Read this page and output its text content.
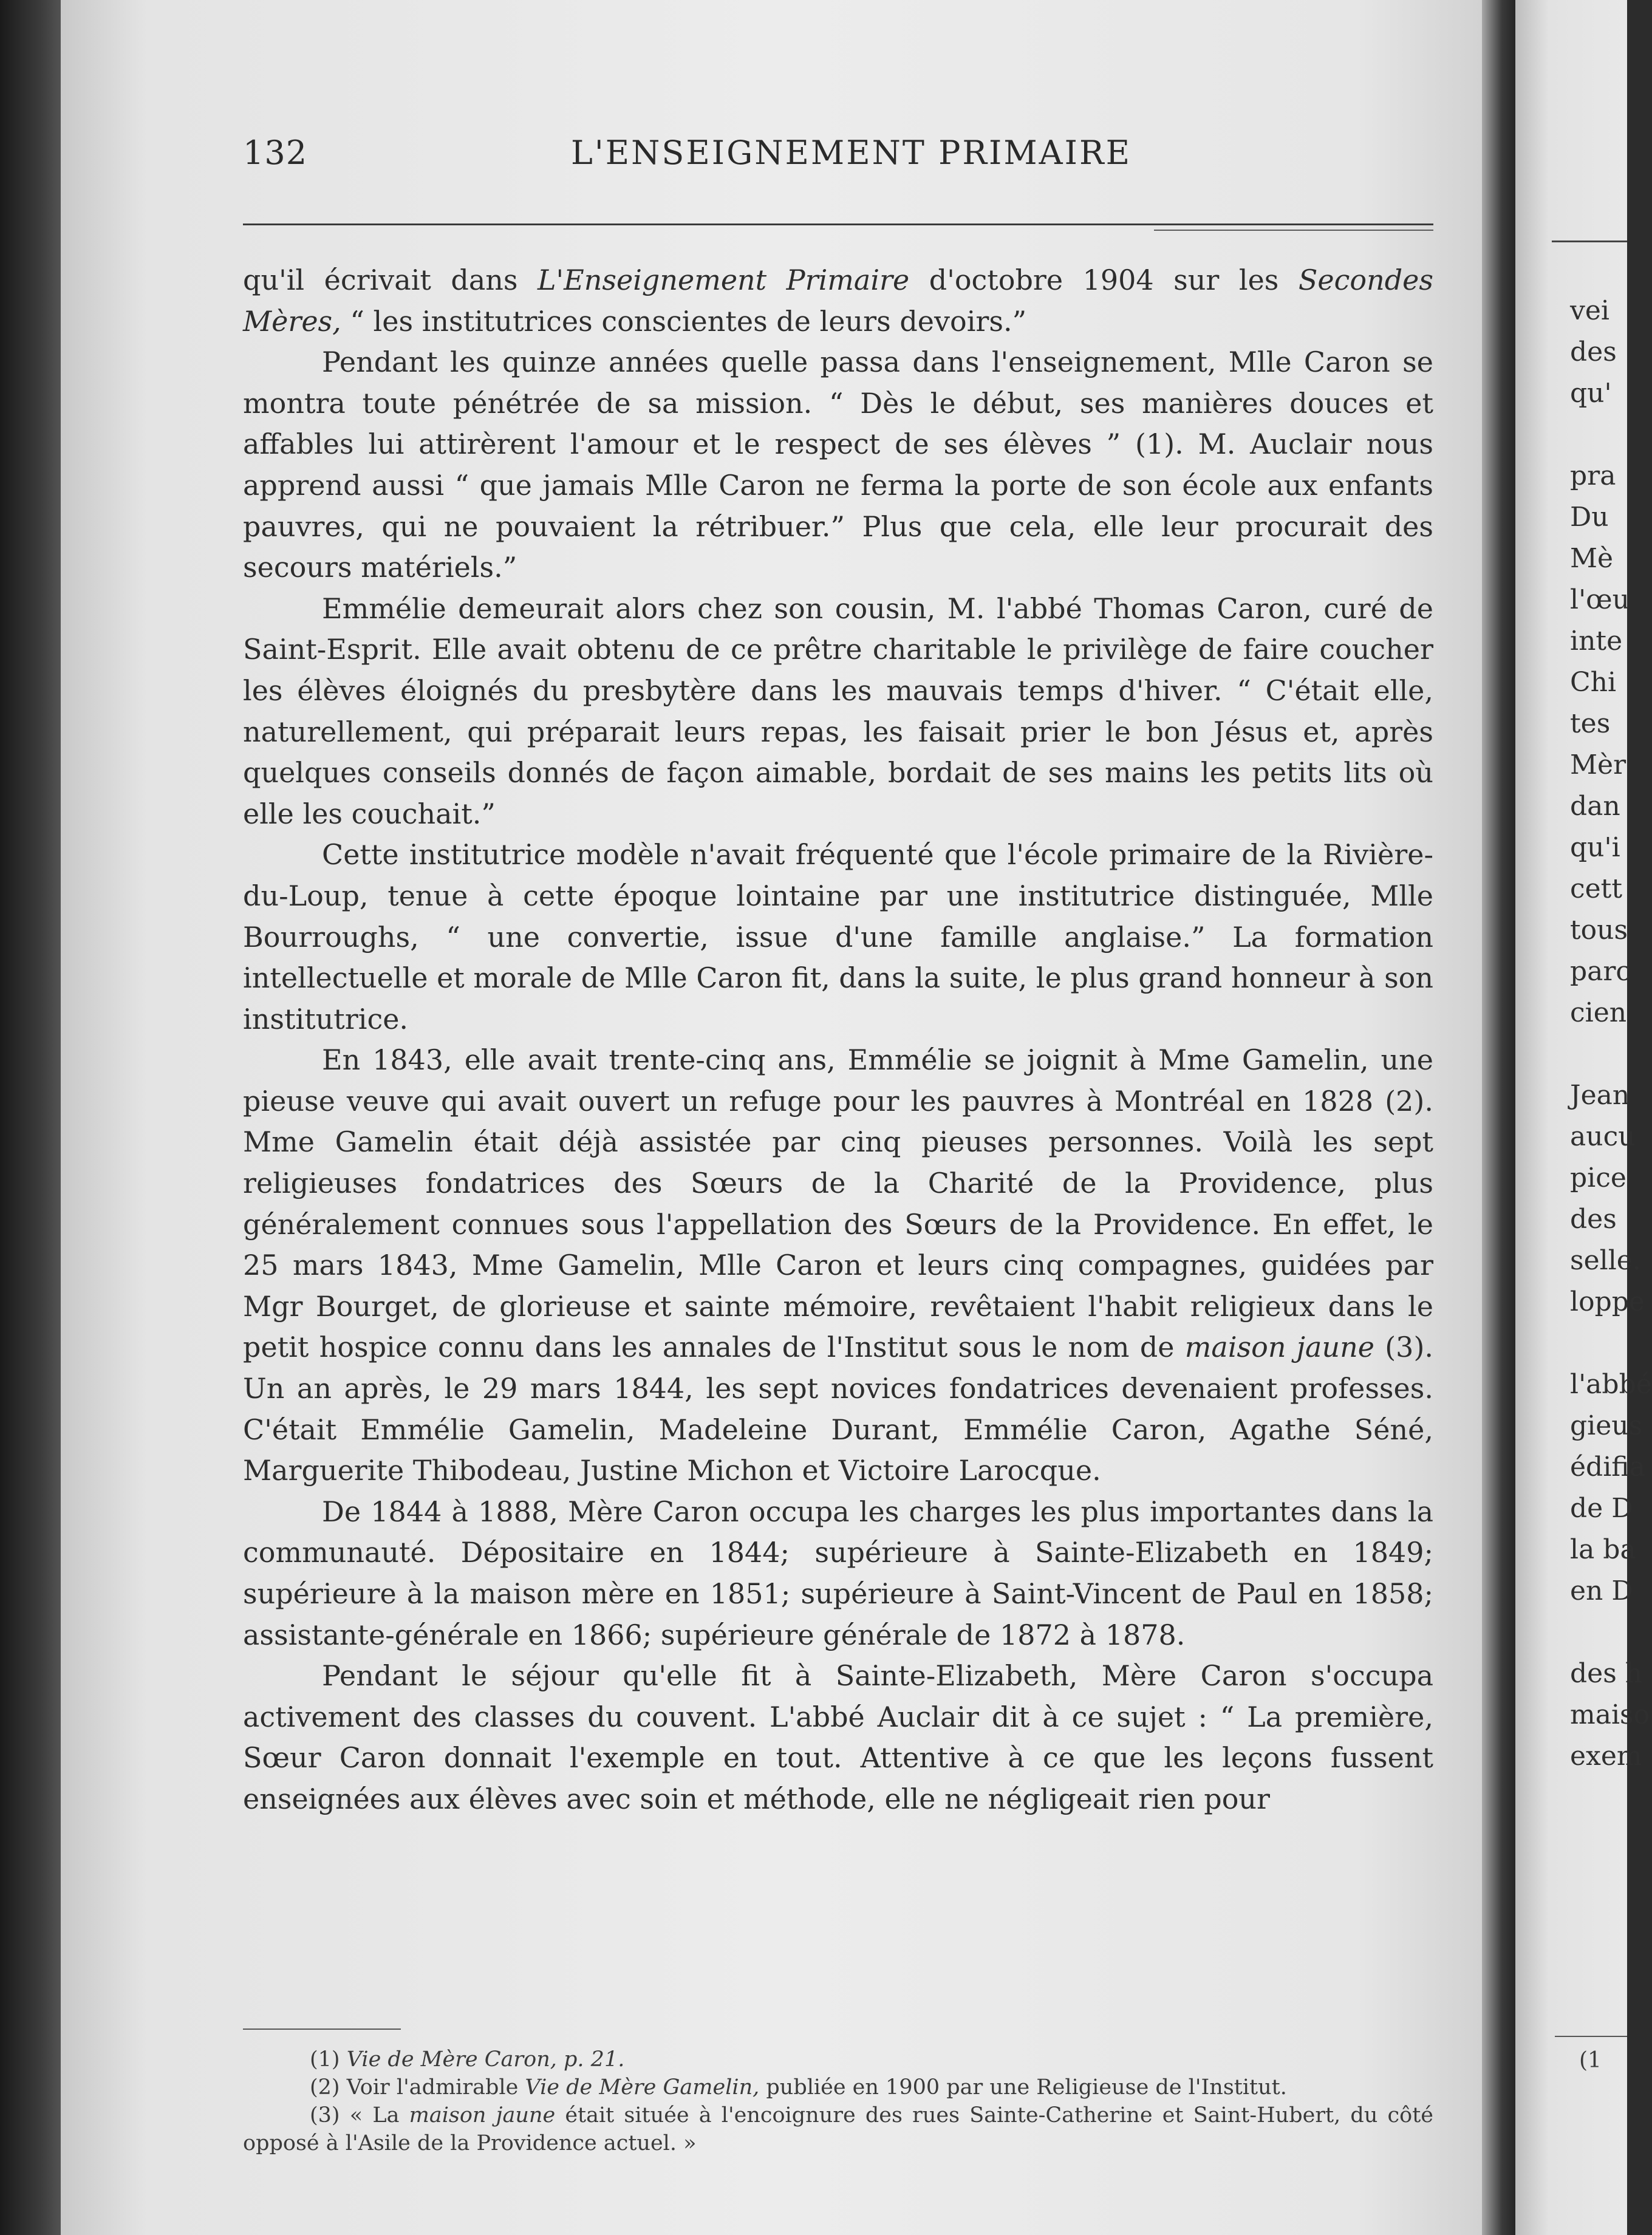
132	L'ENSEIGNEMENT PRIMAIRE

qu'il écrivait dans L'Enseignement Primaire d'octobre 1904 sur les Secondes Mères, “ les institutrices conscientes de leurs devoirs.”

Pendant les quinze années quelle passa dans l'enseignement, Mlle Caron se montra toute pénétrée de sa mission. “ Dès le début, ses manières douces et affables lui attirèrent l'amour et le respect de ses élèves ” (1). M. Auclair nous apprend aussi “ que jamais Mlle Caron ne ferma la porte de son école aux enfants pauvres, qui ne pouvaient la rétribuer.” Plus que cela, elle leur procurait des secours matériels.”

Emmélie demeurait alors chez son cousin, M. l'abbé Thomas Caron, curé de Saint-Esprit. Elle avait obtenu de ce prêtre charitable le privilège de faire coucher les élèves éloignés du presbytère dans les mauvais temps d'hiver. “ C'était elle, naturellement, qui préparait leurs repas, les faisait prier le bon Jésus et, après quelques conseils donnés de façon aimable, bordait de ses mains les petits lits où elle les couchait.”

Cette institutrice modèle n'avait fréquenté que l'école primaire de la Rivière-du-Loup, tenue à cette époque lointaine par une institutrice distinguée, Mlle Bourroughs, “ une convertie, issue d'une famille anglaise.” La formation intellectuelle et morale de Mlle Caron fit, dans la suite, le plus grand honneur à son institutrice.

En 1843, elle avait trente-cinq ans, Emmélie se joignit à Mme Gamelin, une pieuse veuve qui avait ouvert un refuge pour les pauvres à Montréal en 1828 (2). Mme Gamelin était déjà assistée par cinq pieuses personnes. Voilà les sept religieuses fondatrices des Sœurs de la Charité de la Providence, plus généralement connues sous l'appellation des Sœurs de la Providence. En effet, le 25 mars 1843, Mme Gamelin, Mlle Caron et leurs cinq compagnes, guidées par Mgr Bourget, de glorieuse et sainte mémoire, revêtaient l'habit religieux dans le petit hospice connu dans les annales de l'Institut sous le nom de maison jaune (3). Un an après, le 29 mars 1844, les sept novices fondatrices devenaient professes. C'était Emmélie Gamelin, Madeleine Durant, Emmélie Caron, Agathe Séné, Marguerite Thibodeau, Justine Michon et Victoire Larocque.

De 1844 à 1888, Mère Caron occupa les charges les plus importantes dans la communauté. Dépositaire en 1844; supérieure à Sainte-Elizabeth en 1849; supérieure à la maison mère en 1851; supérieure à Saint-Vincent de Paul en 1858; assistante-générale en 1866; supérieure générale de 1872 à 1878.

Pendant le séjour qu'elle fit à Sainte-Elizabeth, Mère Caron s'occupa activement des classes du couvent. L'abbé Auclair dit à ce sujet : “ La première, Sœur Caron donnait l'exemple en tout. Attentive à ce que les leçons fussent enseignées aux élèves avec soin et méthode, elle ne négligeait rien pour

(1) Vie de Mère Caron, p. 21.

(2) Voir l'admirable Vie de Mère Gamelin, publiée en 1900 par une Religieuse de l'Institut.

(3) « La maison jaune était située à l'encoignure des rues Sainte-Catherine et Saint-Hubert, du côté opposé à l'Asile de la Providence actuel. »

vei
des
qu'

pra
Du
Mè
l'œu
inte
Chi
tes
Mèr
dan
qu'i
cett
tous
parc
cien

Jean
aucu
pice
des
selle.
loppe

l'abbé
gieus
édifia
de D
la ba
en D

des h
maiso
exem
(1
